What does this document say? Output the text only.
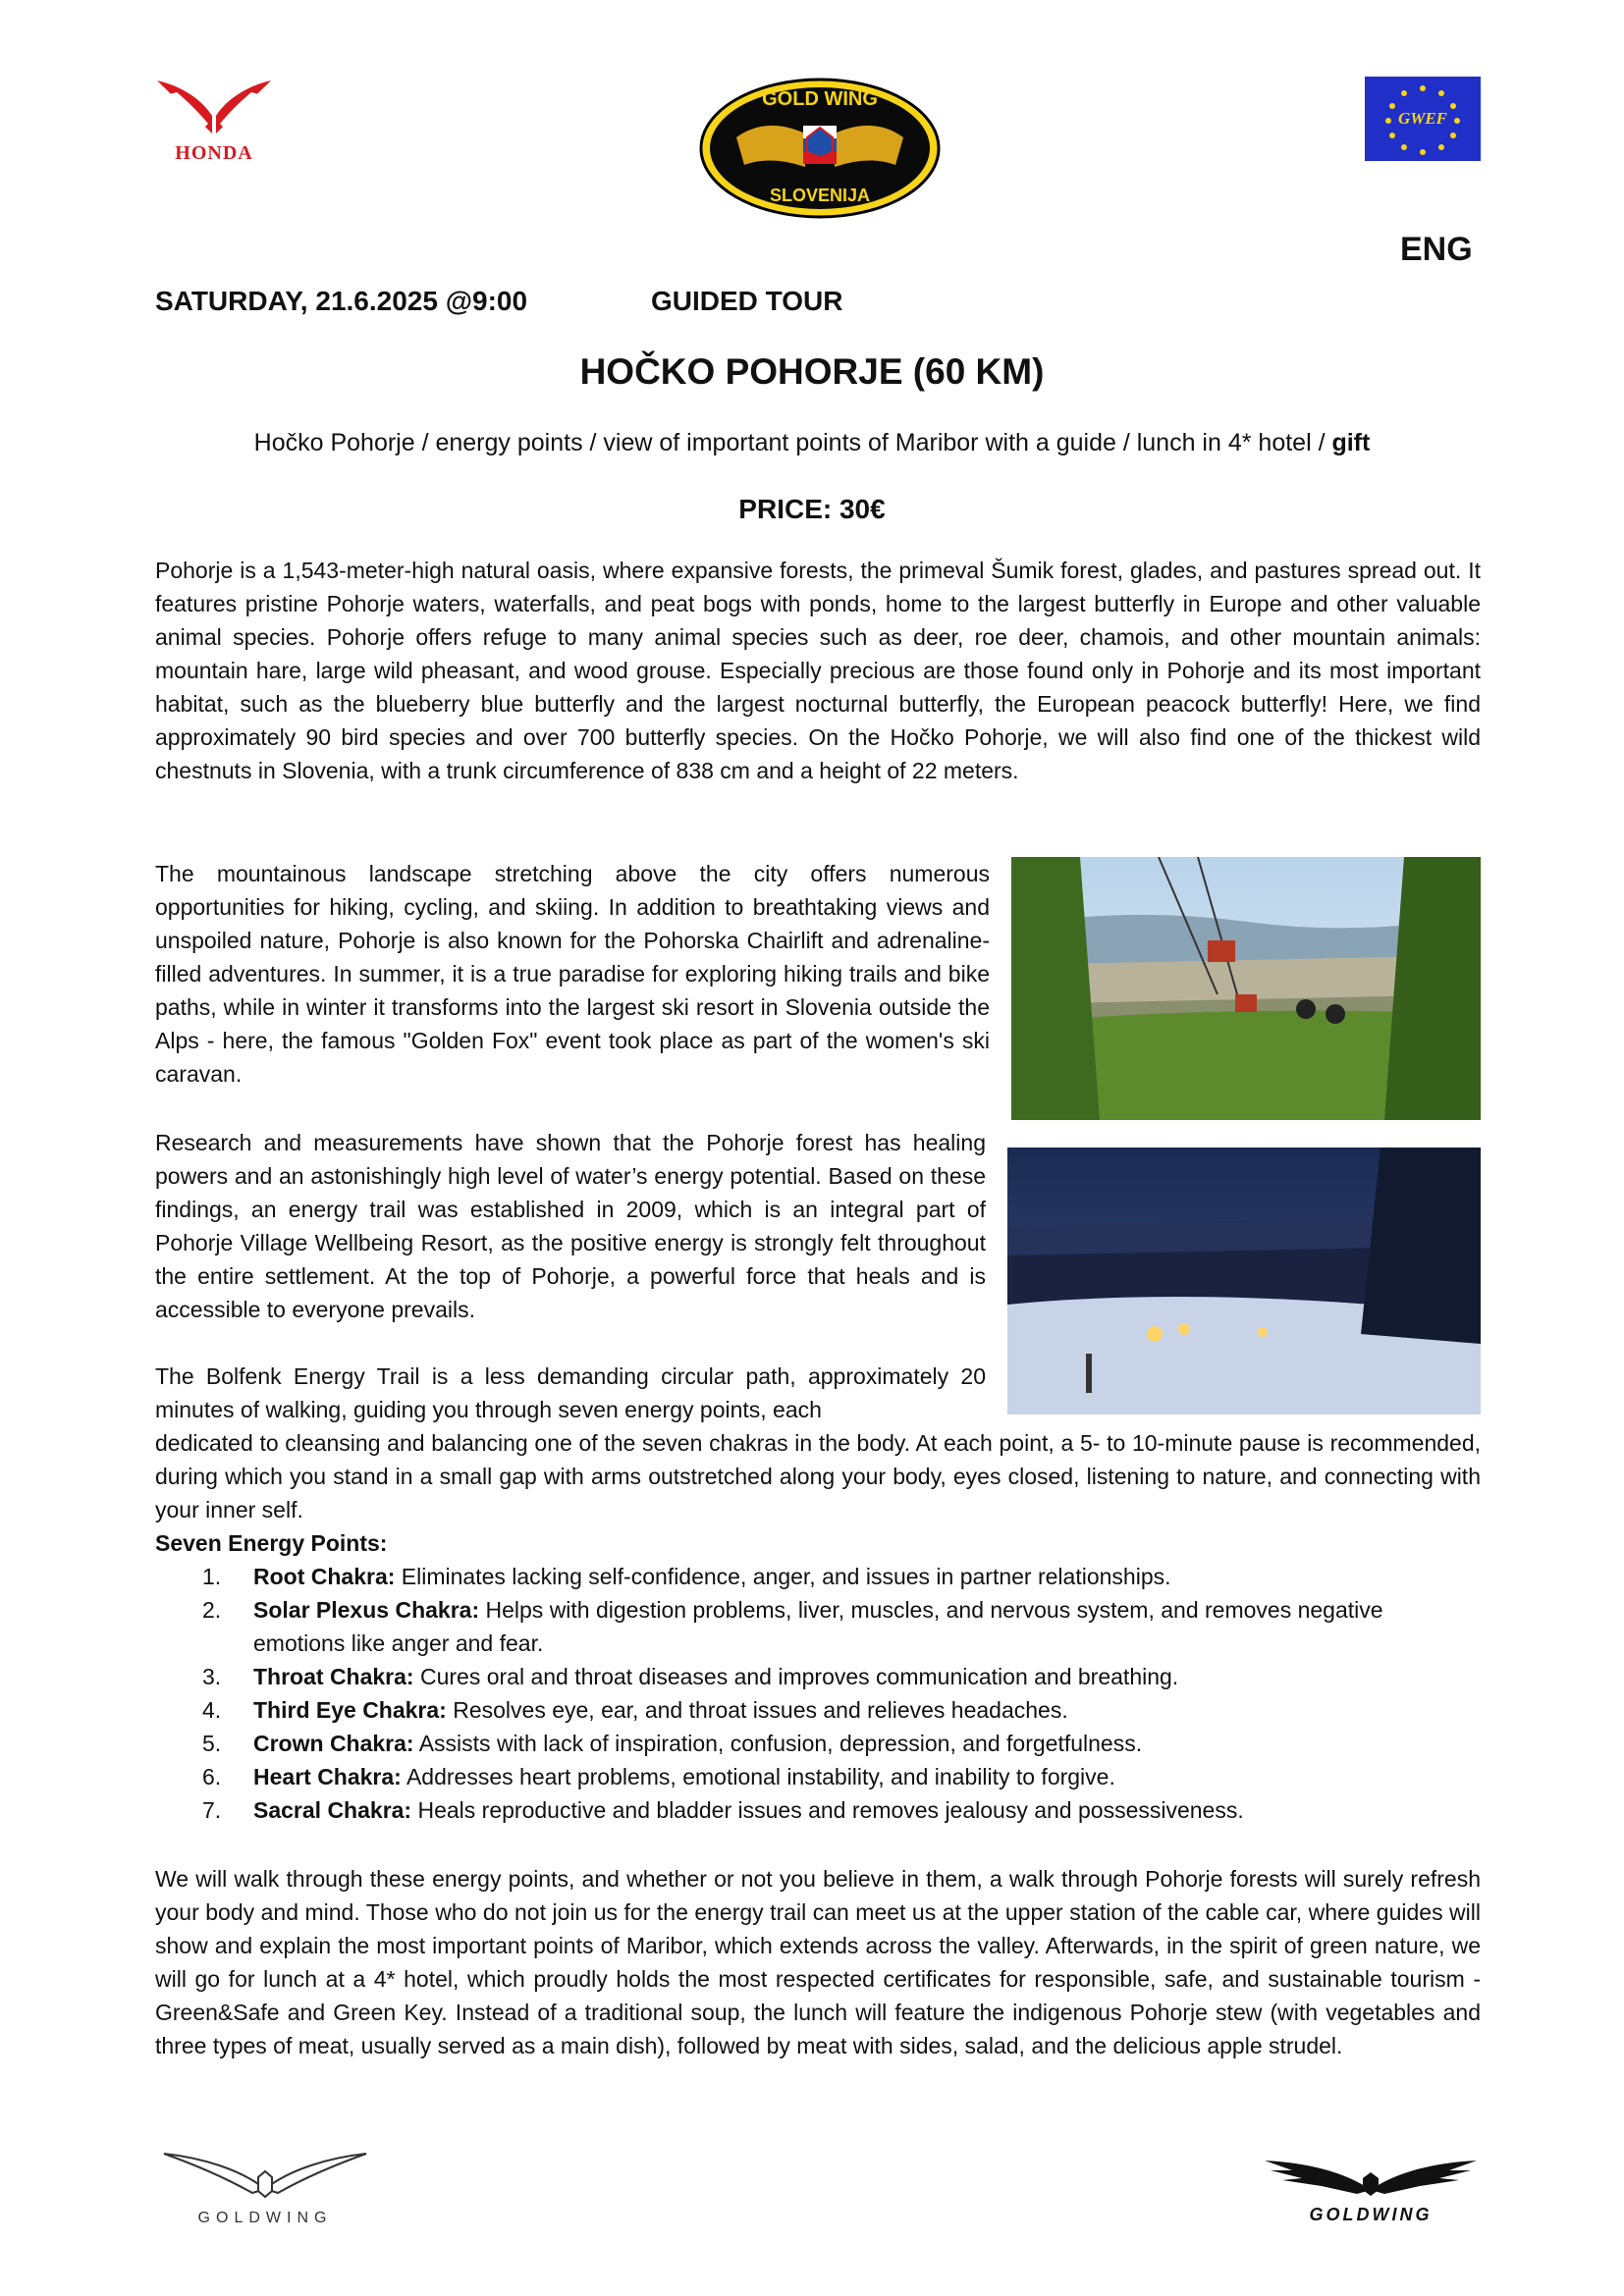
HONDA
GOLD WING
SLOVENIJA
GWEF
ENG
SATURDAY, 21.6.2025 @9:00	GUIDED TOUR
HOČKO POHORJE (60 KM)
Hočko Pohorje / energy points / view of important points of Maribor with a guide / lunch in 4* hotel / gift
PRICE: 30€

Pohorje is a 1,543-meter-high natural oasis, where expansive forests, the primeval Šumik forest, glades, and pastures spread out. It features pristine Pohorje waters, waterfalls, and peat bogs with ponds, home to the largest butterfly in Europe and other valuable animal species. Pohorje offers refuge to many animal species such as deer, roe deer, chamois, and other mountain animals: mountain hare, large wild pheasant, and wood grouse. Especially precious are those found only in Pohorje and its most important habitat, such as the blueberry blue butterfly and the largest nocturnal butterfly, the European peacock butterfly! Here, we find approximately 90 bird species and over 700 butterfly species. On the Hočko Pohorje, we will also find one of the thickest wild chestnuts in Slovenia, with a trunk circumference of 838 cm and a height of 22 meters.

The mountainous landscape stretching above the city offers numerous opportunities for hiking, cycling, and skiing. In addition to breathtaking views and unspoiled nature, Pohorje is also known for the Pohorska Chairlift and adrenaline-filled adventures. In summer, it is a true paradise for exploring hiking trails and bike paths, while in winter it transforms into the largest ski resort in Slovenia outside the Alps - here, the famous "Golden Fox" event took place as part of the women's ski caravan.

Research and measurements have shown that the Pohorje forest has healing powers and an astonishingly high level of water’s energy potential. Based on these findings, an energy trail was established in 2009, which is an integral part of Pohorje Village Wellbeing Resort, as the positive energy is strongly felt throughout the entire settlement. At the top of Pohorje, a powerful force that heals and is accessible to everyone prevails.

The Bolfenk Energy Trail is a less demanding circular path, approximately 20 minutes of walking, guiding you through seven energy points, each

dedicated to cleansing and balancing one of the seven chakras in the body. At each point, a 5- to 10-minute pause is recommended, during which you stand in a small gap with arms outstretched along your body, eyes closed, listening to nature, and connecting with your inner self.

Seven Energy Points:
1. Root Chakra: Eliminates lacking self-confidence, anger, and issues in partner relationships.
2. Solar Plexus Chakra: Helps with digestion problems, liver, muscles, and nervous system, and removes negative emotions like anger and fear.
3. Throat Chakra: Cures oral and throat diseases and improves communication and breathing.
4. Third Eye Chakra: Resolves eye, ear, and throat issues and relieves headaches.
5. Crown Chakra: Assists with lack of inspiration, confusion, depression, and forgetfulness.
6. Heart Chakra: Addresses heart problems, emotional instability, and inability to forgive.
7. Sacral Chakra: Heals reproductive and bladder issues and removes jealousy and possessiveness.

We will walk through these energy points, and whether or not you believe in them, a walk through Pohorje forests will surely refresh your body and mind. Those who do not join us for the energy trail can meet us at the upper station of the cable car, where guides will show and explain the most important points of Maribor, which extends across the valley. Afterwards, in the spirit of green nature, we will go for lunch at a 4* hotel, which proudly holds the most respected certificates for responsible, safe, and sustainable tourism - Green&Safe and Green Key. Instead of a traditional soup, the lunch will feature the indigenous Pohorje stew (with vegetables and three types of meat, usually served as a main dish), followed by meat with sides, salad, and the delicious apple strudel.

GOLDWING	GOLDWING
